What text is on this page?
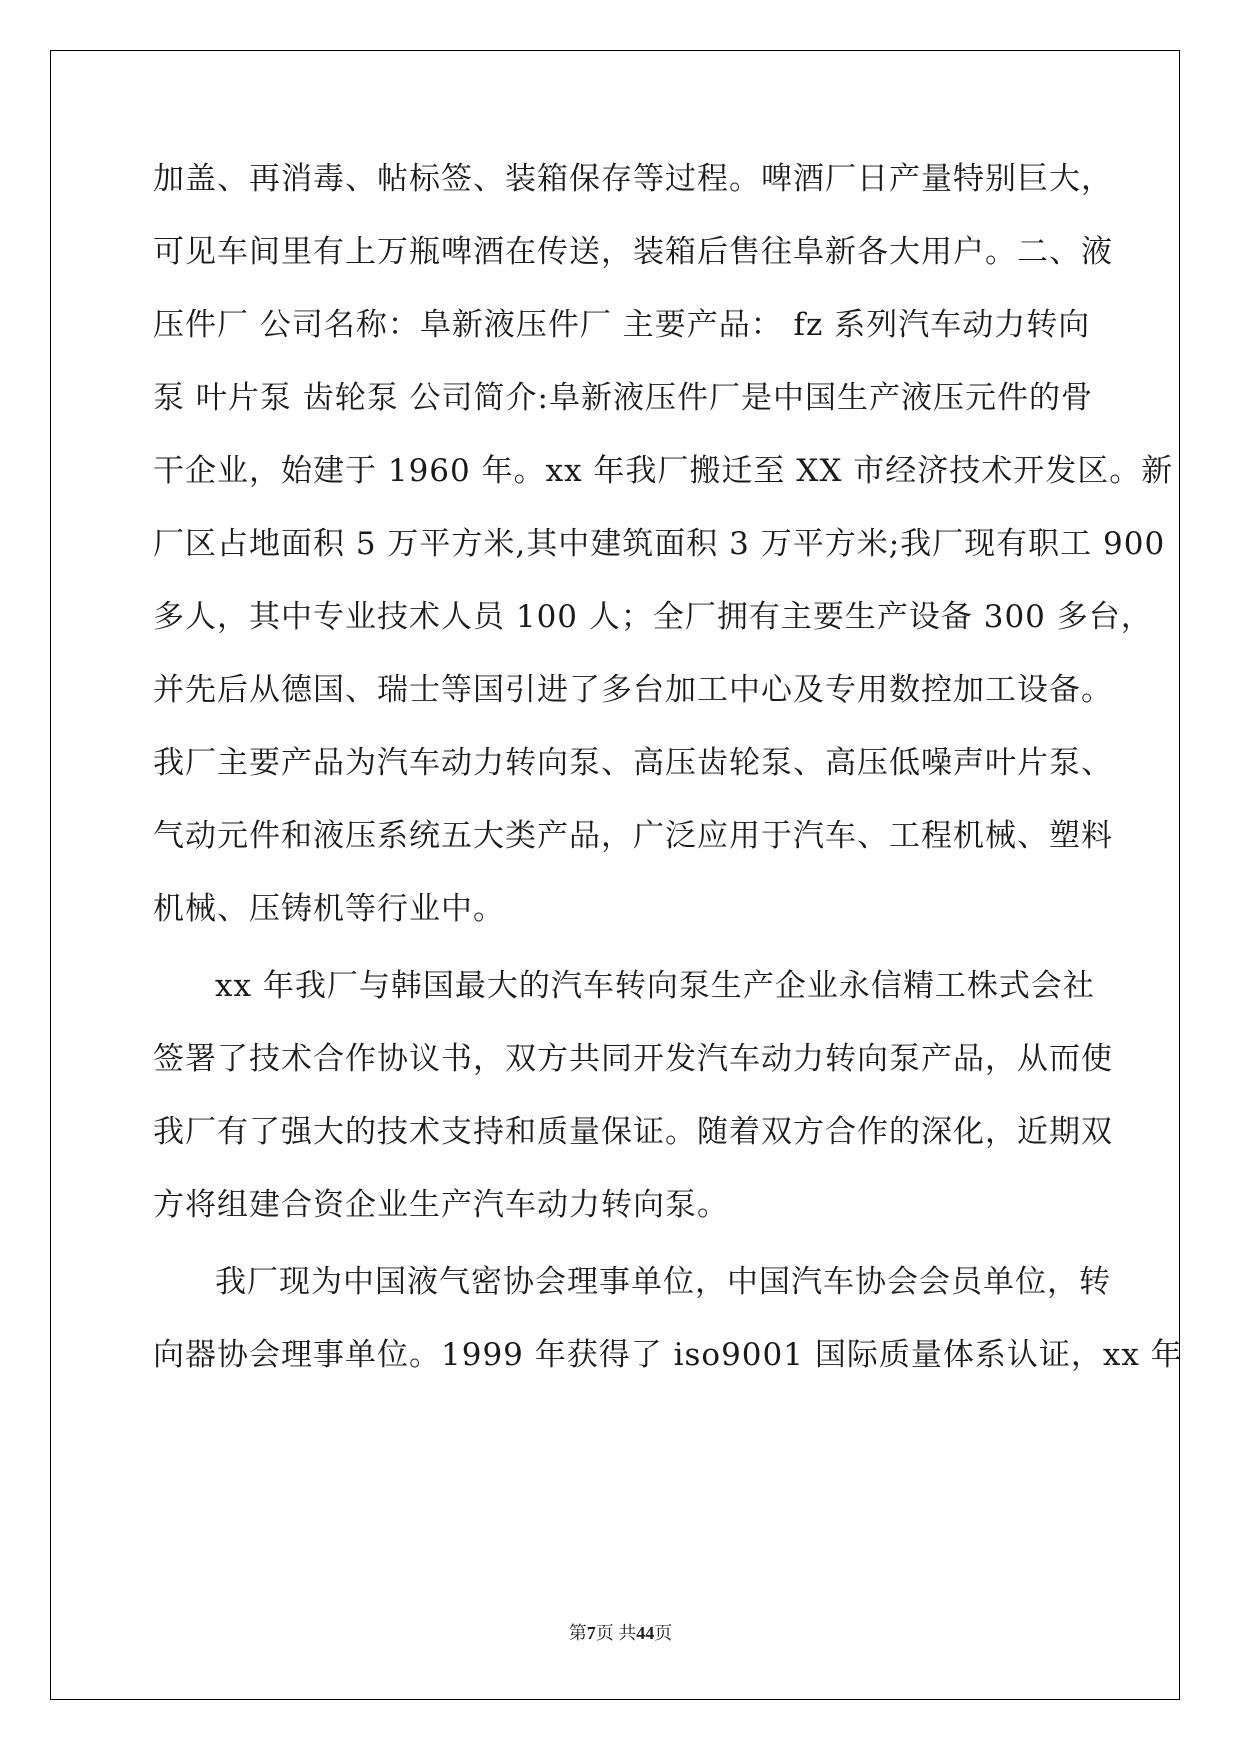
加盖、再消毒、帖标签、装箱保存等过程。啤酒厂日产量特别巨大，
可见车间里有上万瓶啤酒在传送，装箱后售往阜新各大用户。二、液
压件厂 公司名称：阜新液压件厂 主要产品： fz 系列汽车动力转向
泵 叶片泵 齿轮泵 公司简介:阜新液压件厂是中国生产液压元件的骨
干企业，始建于 1960 年。xx 年我厂搬迁至 XX 市经济技术开发区。新
厂区占地面积 5 万平方米,其中建筑面积 3 万平方米;我厂现有职工 900
多人，其中专业技术人员 100 人；全厂拥有主要生产设备 300 多台，
并先后从德国、瑞士等国引进了多台加工中心及专用数控加工设备。
我厂主要产品为汽车动力转向泵、高压齿轮泵、高压低噪声叶片泵、
气动元件和液压系统五大类产品，广泛应用于汽车、工程机械、塑料
机械、压铸机等行业中。
xx 年我厂与韩国最大的汽车转向泵生产企业永信精工株式会社
签署了技术合作协议书，双方共同开发汽车动力转向泵产品，从而使
我厂有了强大的技术支持和质量保证。随着双方合作的深化，近期双
方将组建合资企业生产汽车动力转向泵。
我厂现为中国液气密协会理事单位，中国汽车协会会员单位，转
向器协会理事单位。1999 年获得了 iso9001 国际质量体系认证，xx 年
第7页 共44页
